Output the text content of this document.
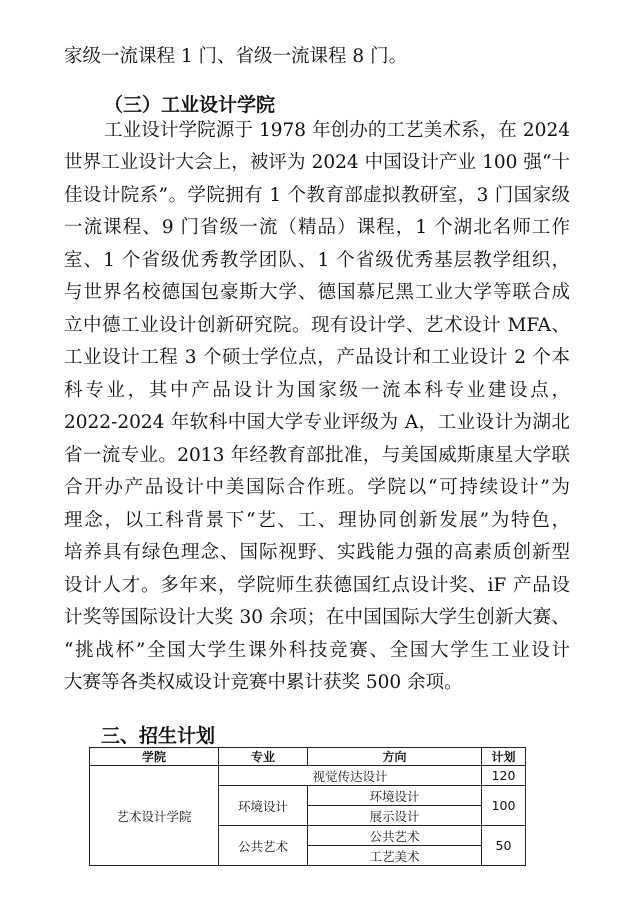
家级一流课程 1 门、省级一流课程 8 门。
（三）工业设计学院
工业设计学院源于 1978 年创办的工艺美术系，在 2024
世界工业设计大会上，被评为 2024 中国设计产业 100 强“十
佳设计院系”。学院拥有 1 个教育部虚拟教研室，3 门国家级
一流课程、9 门省级一流（精品）课程，1 个湖北名师工作
室、1 个省级优秀教学团队、1 个省级优秀基层教学组织，
与世界名校德国包豪斯大学、德国慕尼黑工业大学等联合成
立中德工业设计创新研究院。现有设计学、艺术设计 MFA、
工业设计工程 3 个硕士学位点，产品设计和工业设计 2 个本
科专业，其中产品设计为国家级一流本科专业建设点，
2022-2024 年软科中国大学专业评级为 A，工业设计为湖北
省一流专业。2013 年经教育部批准，与美国威斯康星大学联
合开办产品设计中美国际合作班。学院以“可持续设计”为
理念，以工科背景下“艺、工、理协同创新发展”为特色，
培养具有绿色理念、国际视野、实践能力强的高素质创新型
设计人才。多年来，学院师生获德国红点设计奖、iF 产品设
计奖等国际设计大奖 30 余项；在中国国际大学生创新大赛、
“挑战杯”全国大学生课外科技竞赛、全国大学生工业设计
大赛等各类权威设计竞赛中累计获奖 500 余项。
三、招生计划
学院	专业	方向	计划
艺术设计学院	视觉传达设计		120
	环境设计	环境设计	100
		展示设计	
	公共艺术	公共艺术	50
		工艺美术	
